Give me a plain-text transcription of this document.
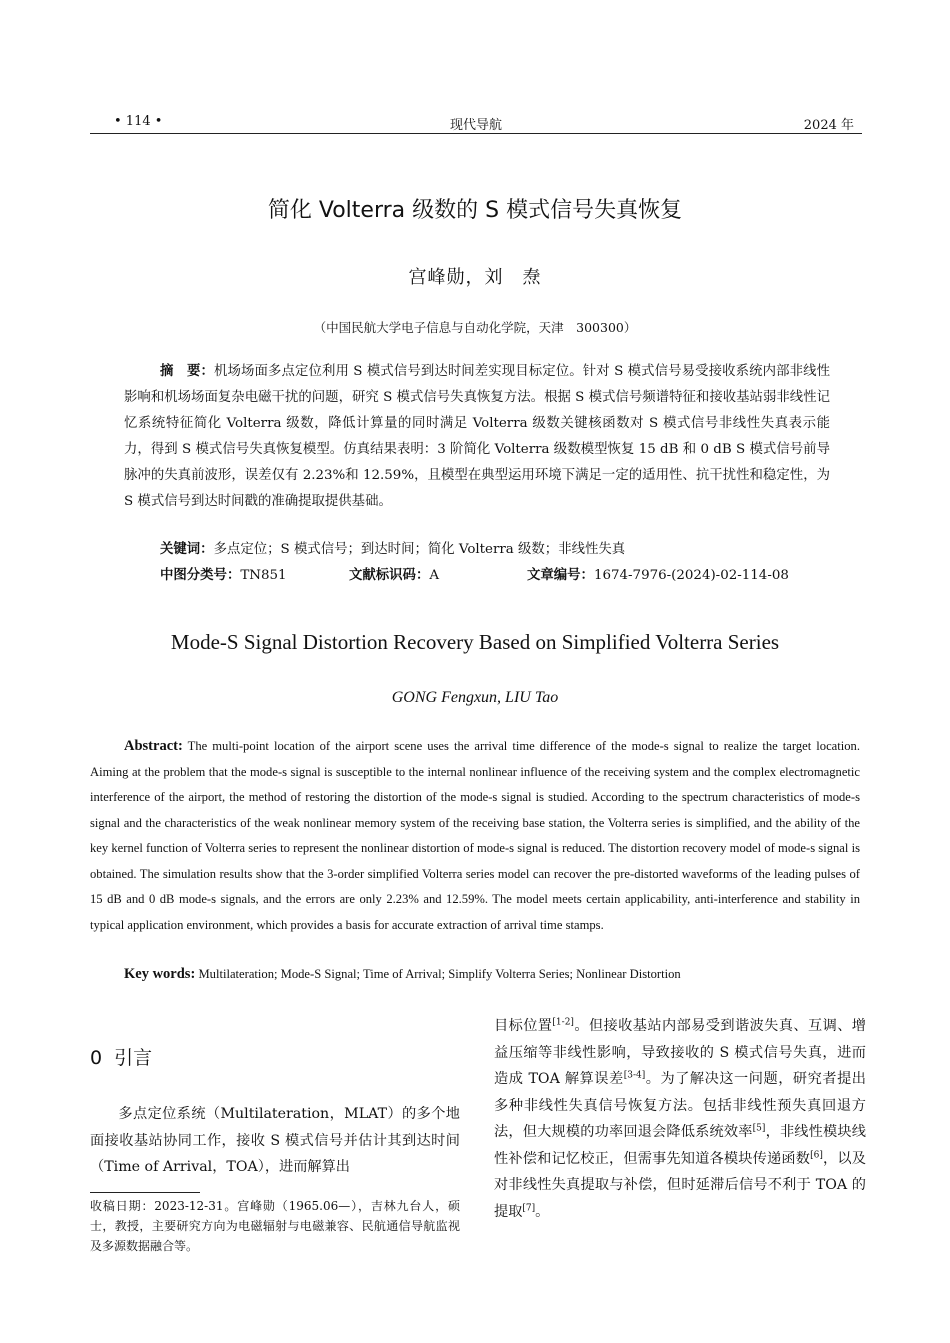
• 114 •	现代导航	2024 年
简化 Volterra 级数的 S 模式信号失真恢复
宫峰勋，刘　焘
（中国民航大学电子信息与自动化学院，天津　300300）
摘　要：机场场面多点定位利用 S 模式信号到达时间差实现目标定位。针对 S 模式信号易受接收系统内部非线性影响和机场场面复杂电磁干扰的问题，研究 S 模式信号失真恢复方法。根据 S 模式信号频谱特征和接收基站弱非线性记忆系统特征简化 Volterra 级数，降低计算量的同时满足 Volterra 级数关键核函数对 S 模式信号非线性失真表示能力，得到 S 模式信号失真恢复模型。仿真结果表明：3 阶简化 Volterra 级数模型恢复 15 dB 和 0 dB S 模式信号前导脉冲的失真前波形，误差仅有 2.23%和 12.59%，且模型在典型运用环境下满足一定的适用性、抗干扰性和稳定性，为 S 模式信号到达时间戳的准确提取提供基础。
关键词：多点定位；S 模式信号；到达时间；简化 Volterra 级数；非线性失真
中图分类号：TN851	文献标识码：A	文章编号：1674-7976-(2024)-02-114-08
Mode-S Signal Distortion Recovery Based on Simplified Volterra Series
GONG Fengxun, LIU Tao
Abstract: The multi-point location of the airport scene uses the arrival time difference of the mode-s signal to realize the target location. Aiming at the problem that the mode-s signal is susceptible to the internal nonlinear influence of the receiving system and the complex electromagnetic interference of the airport, the method of restoring the distortion of the mode-s signal is studied. According to the spectrum characteristics of mode-s signal and the characteristics of the weak nonlinear memory system of the receiving base station, the Volterra series is simplified, and the ability of the key kernel function of Volterra series to represent the nonlinear distortion of mode-s signal is reduced. The distortion recovery model of mode-s signal is obtained. The simulation results show that the 3-order simplified Volterra series model can recover the pre-distorted waveforms of the leading pulses of 15 dB and 0 dB mode-s signals, and the errors are only 2.23% and 12.59%. The model meets certain applicability, anti-interference and stability in typical application environment, which provides a basis for accurate extraction of arrival time stamps.
Key words: Multilateration; Mode-S Signal; Time of Arrival; Simplify Volterra Series; Nonlinear Distortion
0 引言

多点定位系统（Multilateration，MLAT）的多个地面接收基站协同工作，接收 S 模式信号并估计其到达时间（Time of Arrival，TOA），进而解算出

目标位置[1-2]。但接收基站内部易受到谐波失真、互调、增益压缩等非线性影响，导致接收的 S 模式信号失真，进而造成 TOA 解算误差[3-4]。为了解决这一问题，研究者提出多种非线性失真信号恢复方法。包括非线性预失真回退方法，但大规模的功率回退会降低系统效率[5]，非线性模块线性补偿和记忆校正，但需事先知道各模块传递函数[6]，以及对非线性失真提取与补偿，但时延滞后信号不利于 TOA 的提取[7]。
收稿日期：2023-12-31。宫峰勋（1965.06—），吉林九台人，硕士，教授，主要研究方向为电磁辐射与电磁兼容、民航通信导航监视及多源数据融合等。
